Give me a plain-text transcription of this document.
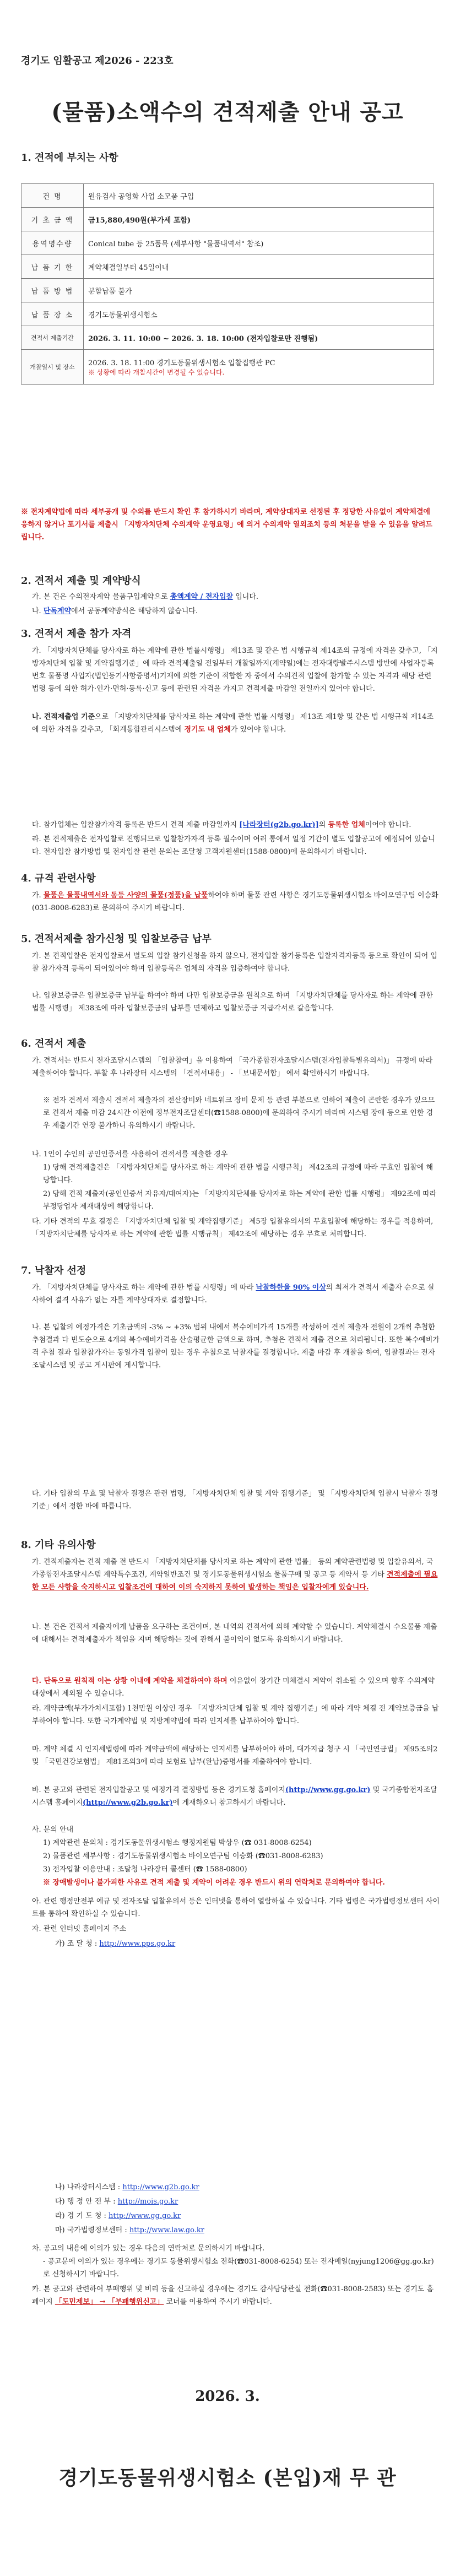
경기도 임활공고 제2026 - 223호
(물품)소액수의 견적제출 안내 공고
1. 견적에 부치는 사항
건 명	원유검사 공영화 사업 소모품 구입
기 초 금 액	금15,880,490원(부가세 포함)
용역명수량	Conical tube 등 25품목 (세부사항 "물품내역서" 참조)
납 품 기 한	계약체결일부터 45일이내
납 품 방 법	분할납품 불가
납 품 장 소	경기도동물위생시험소
견적서 제출기간	2026. 3. 11. 10:00 ~ 2026. 3. 18. 10:00 (전자입찰로만 진행됨)
개찰일시 및 장소	2026. 3. 18. 11:00 경기도동물위생시험소 입찰집행관 PC
※ 상황에 따라 개찰시간이 변경될 수 있습니다.
※ 전자계약법에 따라 세부공개 및 수의를 반드시 확인 후 참가하시기 바라며, 계약상대자로 선정된 후 정당한 사유없이 계약체결에 응하지 않거나 포기서를 제출시 「지방자치단체 수의계약 운영요령」에 의거 수의계약 열외조치 등의 처분을 받을 수 있음을 알려드립니다.
2. 견적서 제출 및 계약방식
가. 본 건은 수의전자계약 물품구입계약으로 총액계약 / 전자입찰 입니다.
나. 단독계약에서 공동계약방식은 해당하지 않습니다.
3. 견적서 제출 참가 자격
가. 「지방자치단체를 당사자로 하는 계약에 관한 법률시행령」 제13조 및 같은 법 시행규칙 제14조의 규정에 자격을 갖추고, 「지방자치단체 입찰 및 계약집행기준」에 따라 견적제출일 전일부터 개찰일까지(계약일)에는 전자대량발주시스템 방반에 사업자등록번호 물품명 사업자(법인등기사항증명서)기재에 의한 기준이 적합한 자 중에서 수의견적 입찰에 참가할 수 있는 자격과 해당 관련 법령 등에 의한 허가·인가·면허·등록·신고 등에 관련된 자격을 가지고 견적제출 마감일 전일까지 있어야 합니다.
나. 견적제출업 기준으로 「지방자치단체를 당사자로 하는 계약에 관한 법률 시행령」 제13조 제1항 및 같은 법 시행규칙 제14조에 의한 자격을 갖추고, 「회계통합관리시스템에 경기도 내 업체가 있어야 합니다.
다. 참가업체는 입찰참가자격 등록은 반드시 견적 제출 마감일까지 [나라장터(g2b.go.kr)]의 등록한 업체이어야 합니다.
라. 본 견적제출은 전자입찰로 진행되므로 입찰참가자격 등록 필수이며 여러 통에서 일정 기간이 별도 입찰공고에 예정되어 있습니다. 전자입찰 참가방법 및 전자입찰 관련 문의는 조달청 고객지원센터(1588-0800)에 문의하시기 바랍니다.
4. 규격 관련사항
가. 물품은 물품내역서와 동등 사양의 물품(정품)을 납품하여야 하며 물품 관련 사항은 경기도동물위생시험소 바이오연구팀 이승화(031-8008-6283)로 문의하여 주시기 바랍니다.
5. 견적서제출 참가신청 및 입찰보증금 납부
가. 본 견적입찰은 전자입찰로서 별도의 입찰 참가신청을 하지 않으나, 전자입찰 참가등록은 입찰자격자등록 등으로 확인이 되어 입찰 참가자격 등록이 되어있어야 하며 입찰등록은 업체의 자격을 입증하여야 합니다.
나. 입찰보증금은 입찰보증금 납부를 하여야 하며 다만 입찰보증금을 원칙으로 하며 「지방자치단체를 당사자로 하는 계약에 관한 법률 시행령」 제38조에 따라 입찰보증금의 납부를 면제하고 입찰보증금 지급각서로 갈음합니다.
6. 견적서 제출
가. 견적서는 반드시 전자조달시스템의 「입찰참여」을 이용하여 「국가종합전자조달시스템(전자입찰특별유의서)」 규정에 따라 제출하여야 합니다. 투찰 후 나라장터 시스템의 「견적서내용」 - 「보내문서함」 에서 확인하시기 바랍니다.
※ 전자 견적서 제출시 견적서 제출자의 전산장비와 네트워크 장비 문제 등 관련 부분으로 인하여 제출이 곤란한 경우가 있으므로 견적서 제출 마감 24시간 이전에 정부전자조달센터(☎1588-0800)에 문의하여 주시기 바라며 시스템 장애 등으로 인한 경우 제출기간 연장 불가하니 유의하시기 바랍니다.
나. 1인이 수인의 공인인증서를 사용하여 견적서를 제출한 경우
1) 당해 견적제출건은 「지방자치단체를 당사자로 하는 계약에 관한 법률 시행규칙」 제42조의 규정에 따라 무효인 입찰에 해당합니다.
2) 당해 견적 제출자(공인인증서 자유자/대여자)는 「지방자치단체를 당사자로 하는 계약에 관한 법률 시행령」 제92조에 따라 부정당업자 제재대상에 해당합니다.
다. 기타 견적의 무효 결정은 「지방자치단체 입찰 및 계약집행기준」 제5장 입찰유의서의 무효입찰에 해당하는 경우를 적용하며, 「지방자치단체를 당사자로 하는 계약에 관한 법률 시행규칙」 제42조에 해당하는 경우 무효로 처리합니다.
7. 낙찰자 선정
가. 「지방자치단체를 당사자로 하는 계약에 관한 법률 시행령」에 따라 낙찰하한율 90% 이상의 최저가 견적서 제출자 순으로 실사하여 결격 사유가 없는 자를 계약상대자로 결정합니다.
나. 본 입찰의 예정가격은 기초금액의 -3% ~ +3% 범위 내에서 복수예비가격 15개를 작성하여 견적 제출자 전원이 2개씩 추첨한 추첨결과 다 빈도순으로 4개의 복수예비가격을 산술평균한 금액으로 하며, 추첨은 견적서 제출 건으로 처리됩니다. 또한 복수예비가격 추첨 결과 입찰참가자는 동일가격 입찰이 있는 경우 추첨으로 낙찰자를 결정합니다. 제출 마감 후 개찰을 하여, 입찰결과는 전자조달시스템 및 공고 게시판에 게시합니다.
다. 기타 입찰의 무효 및 낙찰자 결정은 관련 법령, 「지방자치단체 입찰 및 계약 집행기준」 및 「지방자치단체 입찰시 낙찰자 결정기준」에서 정한 바에 따릅니다.
8. 기타 유의사항
가. 견적제출자는 견적 제출 전 반드시 「지방자치단체를 당사자로 하는 계약에 관한 법률」 등의 계약관련법령 및 입찰유의서, 국가종합전자조달시스템 계약특수조건, 계약일반조건 및 경기도동물위생시험소 물품구매 및 공고 등 계약서 등 기타 견적제출에 필요한 모든 사항을 숙지하시고 입찰조건에 대하여 이의 숙지하지 못하여 발생하는 책임은 입찰자에게 있습니다.
나. 본 건은 견적서 제출자에게 납품을 요구하는 조건이며, 본 내역의 견적서에 의해 계약할 수 있습니다. 계약체결시 수요물품 제출에 대해서는 견적제출자가 책임을 지며 해당하는 것에 관해서 불이익이 없도록 유의하시기 바랍니다.
다. 단독으로 원칙적 이는 상황 이내에 계약을 체결하여야 하며 이유없이 장기간 미체결시 계약이 취소될 수 있으며 향후 수의계약 대상에서 제외될 수 있습니다.
라. 계약금액(부가가치세포함) 1천만원 이상인 경우 「지방자치단체 입찰 및 계약 집행기준」에 따라 계약 체결 전 계약보증금을 납부하여야 합니다. 또한 국가계약법 및 지방계약법에 따라 인지세를 납부하여야 합니다.
마. 계약 체결 시 인지세법령에 따라 계약금액에 해당하는 인지세를 납부하여야 하며, 대가지급 청구 시 「국민연금법」 제95조의2 및 「국민건강보험법」 제81조의3에 따라 보험료 납부(완납)증명서를 제출하여야 합니다.
바. 본 공고와 관련된 전자입찰공고 및 예정가격 결정방법 등은 경기도청 홈페이지(http://www.gg.go.kr) 및 국가종합전자조달시스템 홈페이지(http://www.g2b.go.kr)에 게재하오니 참고하시기 바랍니다.
사. 문의 안내
1) 계약관련 문의처 : 경기도동물위생시험소 행정지원팀 박상우 (☎ 031-8008-6254)
2) 물품관련 세부사항 : 경기도동물위생시험소 바이오연구팀 이승화 (☎031-8008-6283)
3) 전자입찰 이용안내 : 조달청 나라장터 콜센터 (☎ 1588-0800)
※ 장애발생이나 불가피한 사유로 견적 제출 및 계약이 어려운 경우 반드시 위의 연락처로 문의하여야 합니다.
아. 관련 행정안전부 예규 및 전자조달 입찰유의서 등은 인터넷을 통하여 열람하실 수 있습니다. 기타 법령은 국가법령정보센터 사이트를 통하여 확인하실 수 있습니다.
자. 관련 인터넷 홈페이지 주소
가) 조 달 청 : http://www.pps.go.kr
나) 나라장터시스템 : http://www.g2b.go.kr
다) 행 정 안 전 부 : http://mois.go.kr
라) 경 기 도 청 : http://www.gg.go.kr
마) 국가법령정보센터 : http://www.law.go.kr
차. 공고의 내용에 이의가 있는 경우 다음의 연락처로 문의하시기 바랍니다.
- 공고문에 이의가 있는 경우에는 경기도 동물위생시험소 전화(☎031-8008-6254) 또는 전자메일(nyjung1206@gg.go.kr)로 신청하시기 바랍니다.
카. 본 공고와 관련하여 부패행위 및 비리 등을 신고하실 경우에는 경기도 감사담당관실 전화(☎031-8008-2583) 또는 경기도 홈페이지 「도민제보」 → 「부패행위신고」 코너를 이용하여 주시기 바랍니다.
2026. 3.
경기도동물위생시험소 (본입)재 무 관
